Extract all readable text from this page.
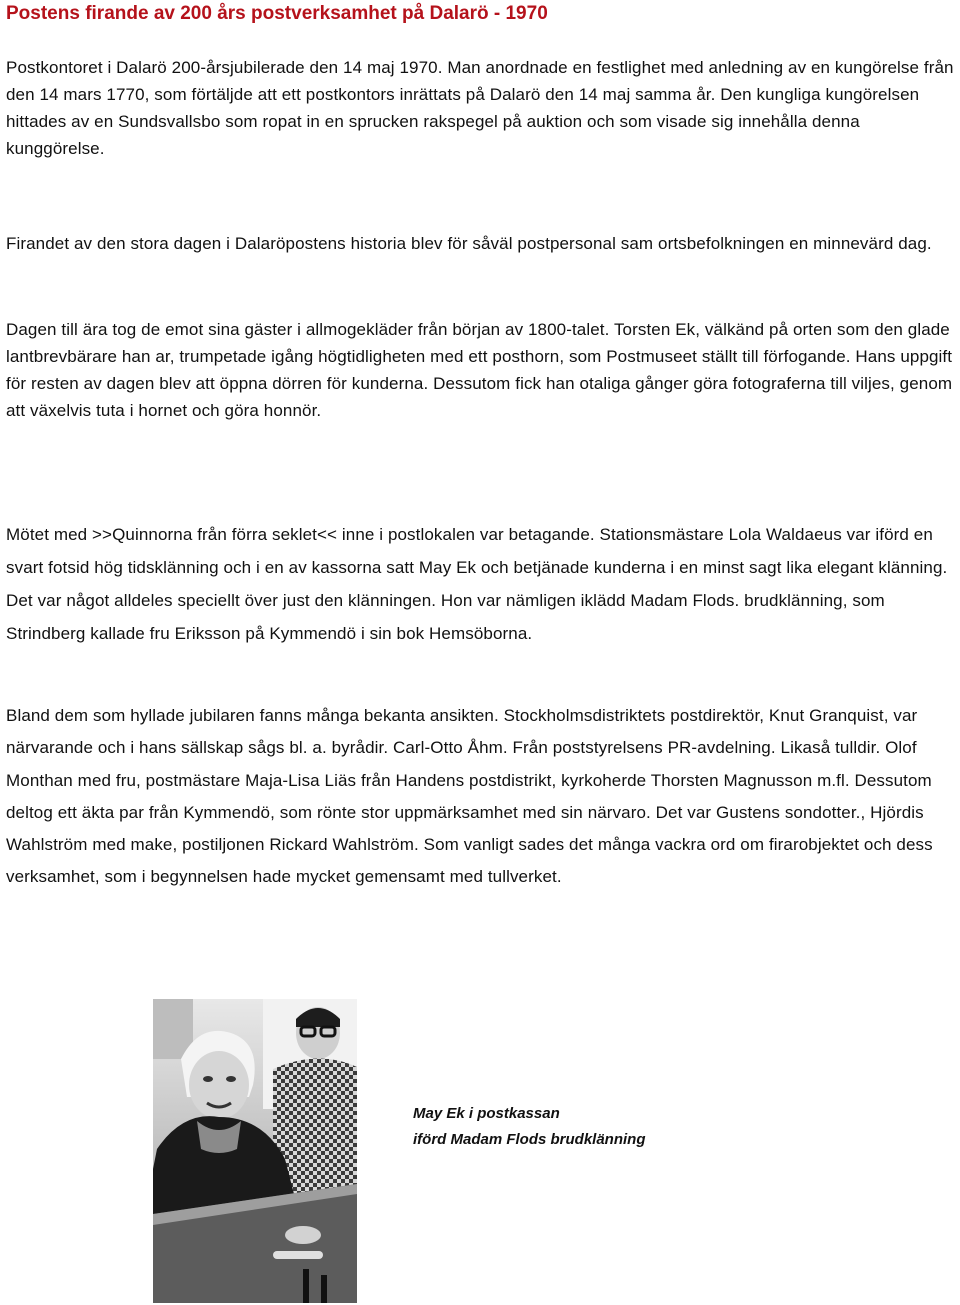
Postens firande av 200 års postverksamhet på Dalarö - 1970

Postkontoret i Dalarö 200-årsjubilerade den 14 maj 1970. Man anordnade en festlighet med anledning av en kungörelse från den 14 mars 1770, som förtäljde att ett postkontors inrättats på Dalarö den 14 maj samma år. Den kungliga kungörelsen hittades av en Sundsvallsbo som ropat in en sprucken rakspegel på auktion och som visade sig innehålla denna kunggörelse.

Firandet av den stora dagen i Dalaröpostens historia blev för såväl postpersonal sam ortsbefolkningen en minnevärd dag.

Dagen till ära tog de emot sina gäster i allmogekläder från början av 1800-talet. Torsten Ek, välkänd på orten som den glade lantbrevbärare han ar, trumpetade igång högtidligheten med ett posthorn, som Postmuseet ställt till förfogande. Hans uppgift för resten av dagen blev att öppna dörren för kunderna. Dessutom fick han otaliga gånger göra fotograferna till viljes, genom att växelvis tuta i hornet och göra honnör.

Mötet med >>Quinnorna från förra seklet<< inne i postlokalen var betagande. Stationsmästare Lola Waldaeus var iförd en svart fotsid hög tidsklänning och i en av kassorna satt May Ek och betjänade kunderna i en minst sagt lika elegant klänning. Det var något alldeles speciellt över just den klänningen. Hon var nämligen iklädd Madam Flods. brudklänning, som Strindberg kallade fru Eriksson på Kymmendö i sin bok Hemsöborna.

Bland dem som hyllade jubilaren fanns många bekanta ansikten. Stockholmsdistriktets postdirektör, Knut Granquist, var närvarande och i hans sällskap sågs bl. a. byrådir. Carl-Otto Åhm. Från poststyrelsens PR-avdelning. Likaså tulldir. Olof Monthan med fru, postmästare Maja-Lisa Liäs från Handens postdistrikt, kyrkoherde Thorsten Magnusson m.fl. Dessutom deltog ett äkta par från Kymmendö, som rönte stor uppmärksamhet med sin närvaro. Det var Gustens sondotter., Hjördis Wahlström med make, postiljonen Rickard Wahlström. Som vanligt sades det många vackra ord om firarobjektet och dess verksamhet, som i begynnelsen hade mycket gemensamt med tullverket.

May Ek i postkassan
iförd Madam Flods brudklänning
